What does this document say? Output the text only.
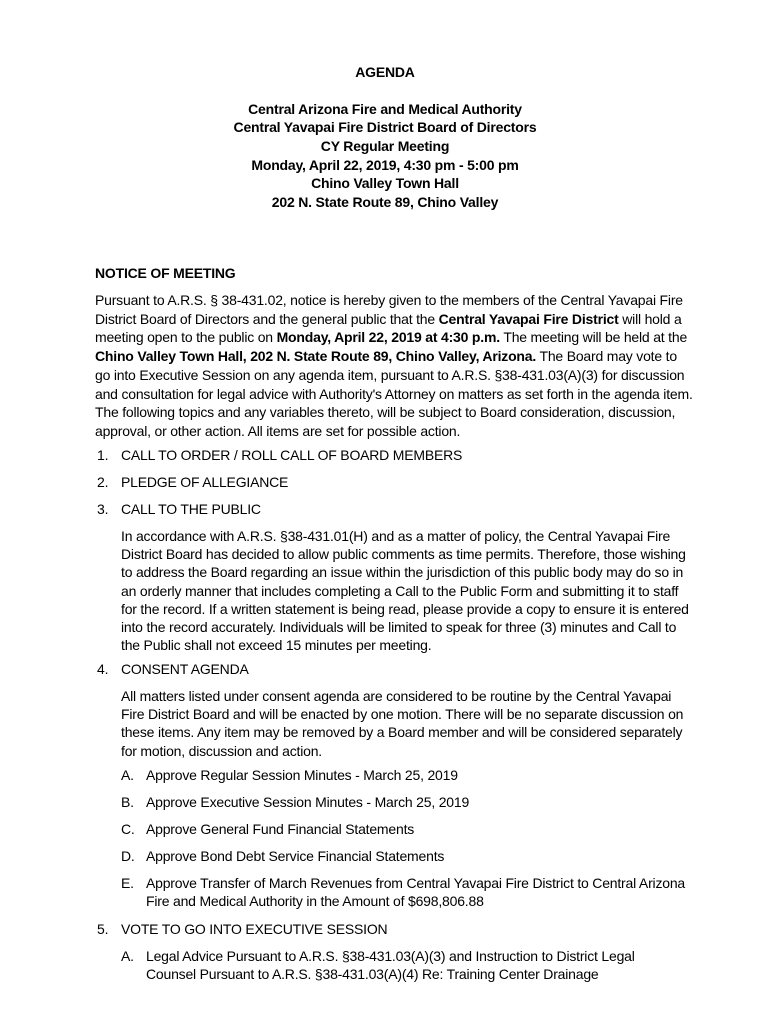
AGENDA
Central Arizona Fire and Medical Authority
Central Yavapai Fire District Board of Directors
CY Regular Meeting
Monday, April 22, 2019, 4:30 pm - 5:00 pm
Chino Valley Town Hall
202 N. State Route 89, Chino Valley
NOTICE OF MEETING
Pursuant to A.R.S. § 38-431.02, notice is hereby given to the members of the Central Yavapai Fire District Board of Directors and the general public that the Central Yavapai Fire District will hold a meeting open to the public on Monday, April 22, 2019 at 4:30 p.m. The meeting will be held at the Chino Valley Town Hall, 202 N. State Route 89, Chino Valley, Arizona. The Board may vote to go into Executive Session on any agenda item, pursuant to A.R.S. §38-431.03(A)(3) for discussion and consultation for legal advice with Authority's Attorney on matters as set forth in the agenda item. The following topics and any variables thereto, will be subject to Board consideration, discussion, approval, or other action. All items are set for possible action.
1. CALL TO ORDER / ROLL CALL OF BOARD MEMBERS
2. PLEDGE OF ALLEGIANCE
3. CALL TO THE PUBLIC
In accordance with A.R.S. §38-431.01(H) and as a matter of policy, the Central Yavapai Fire District Board has decided to allow public comments as time permits. Therefore, those wishing to address the Board regarding an issue within the jurisdiction of this public body may do so in an orderly manner that includes completing a Call to the Public Form and submitting it to staff for the record. If a written statement is being read, please provide a copy to ensure it is entered into the record accurately. Individuals will be limited to speak for three (3) minutes and Call to the Public shall not exceed 15 minutes per meeting.
4. CONSENT AGENDA
All matters listed under consent agenda are considered to be routine by the Central Yavapai Fire District Board and will be enacted by one motion. There will be no separate discussion on these items. Any item may be removed by a Board member and will be considered separately for motion, discussion and action.
A. Approve Regular Session Minutes - March 25, 2019
B. Approve Executive Session Minutes - March 25, 2019
C. Approve General Fund Financial Statements
D. Approve Bond Debt Service Financial Statements
E. Approve Transfer of March Revenues from Central Yavapai Fire District to Central Arizona Fire and Medical Authority in the Amount of $698,806.88
5. VOTE TO GO INTO EXECUTIVE SESSION
A. Legal Advice Pursuant to A.R.S. §38-431.03(A)(3) and Instruction to District Legal Counsel Pursuant to A.R.S. §38-431.03(A)(4) Re: Training Center Drainage
